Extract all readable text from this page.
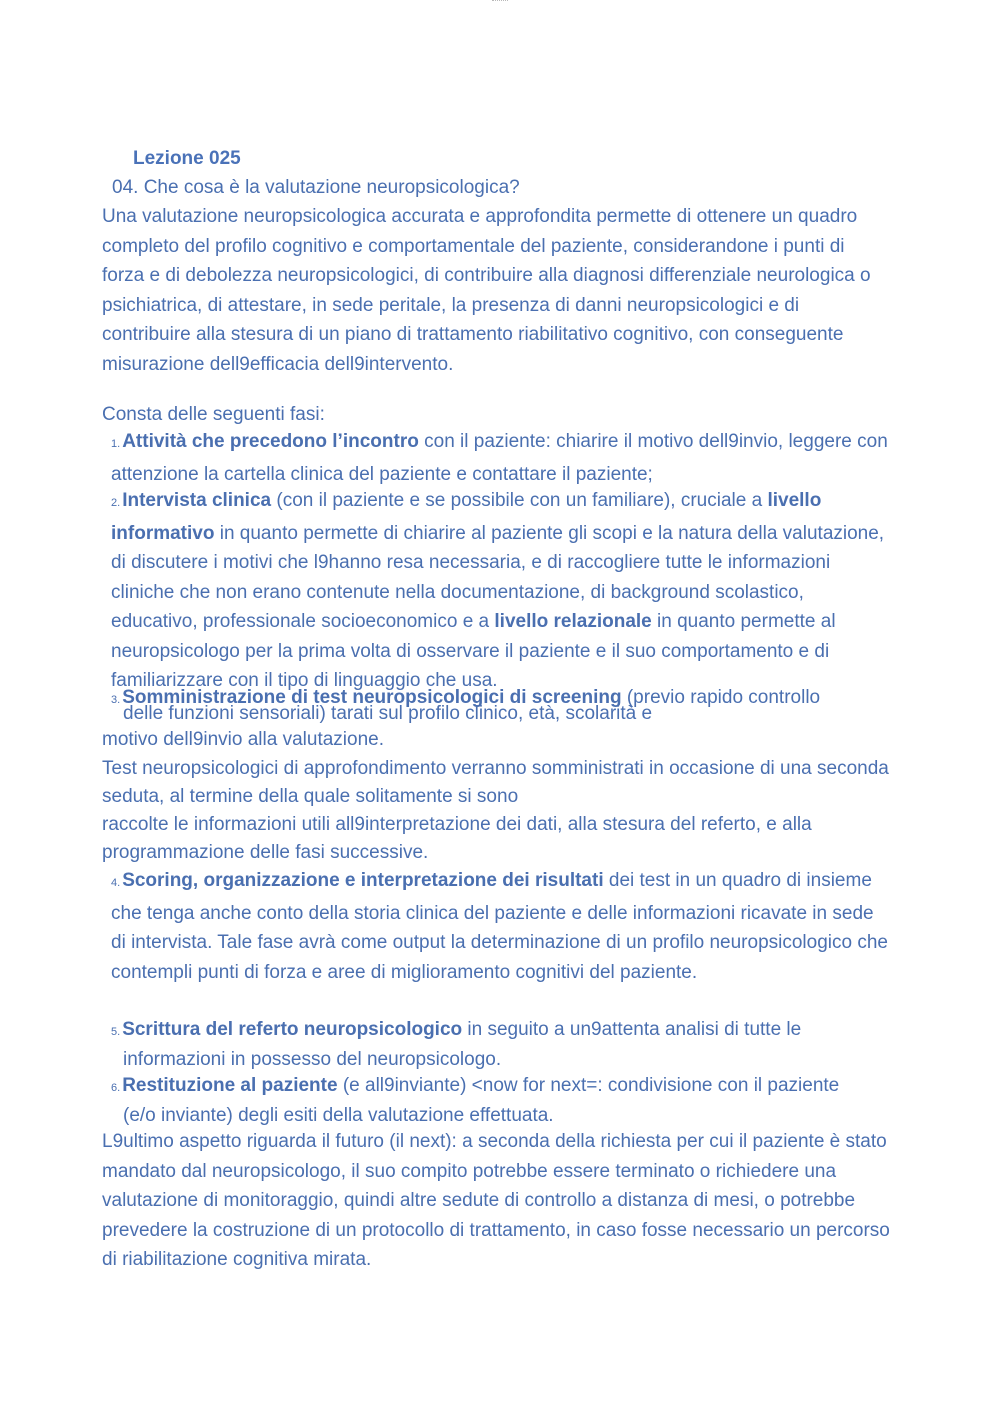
Lezione 025
04. Che cosa è la valutazione neuropsicologica?
Una valutazione neuropsicologica accurata e approfondita permette di ottenere un quadro completo del profilo cognitivo e comportamentale del paziente, considerandone i punti di forza e di debolezza neuropsicologici, di contribuire alla diagnosi differenziale neurologica o psichiatrica, di attestare, in sede peritale, la presenza di danni neuropsicologici e di contribuire alla stesura di un piano di trattamento riabilitativo cognitivo, con conseguente misurazione dell9efficacia dell9intervento.
Consta delle seguenti fasi:
1. Attività che precedono l’incontro con il paziente: chiarire il motivo dell9invio, leggere con attenzione la cartella clinica del paziente e contattare il paziente;
2. Intervista clinica (con il paziente e se possibile con un familiare), cruciale a livello informativo in quanto permette di chiarire al paziente gli scopi e la natura della valutazione, di discutere i motivi che l9hanno resa necessaria, e di raccogliere tutte le informazioni cliniche che non erano contenute nella documentazione, di background scolastico, educativo, professionale socioeconomico e a livello relazionale in quanto permette al neuropsicologo per la prima volta di osservare il paziente e il suo comportamento e di familiarizzare con il tipo di linguaggio che usa.
3. Somministrazione di test neuropsicologici di screening (previo rapido controllo
delle funzioni sensoriali) tarati sul profilo clinico, età, scolarità e
motivo dell9invio alla valutazione.
Test neuropsicologici di approfondimento verranno somministrati in occasione di una seconda seduta, al termine della quale solitamente si sono
raccolte le informazioni utili all9interpretazione dei dati, alla stesura del referto, e alla programmazione delle fasi successive.
4. Scoring, organizzazione e interpretazione dei risultati dei test in un quadro di insieme che tenga anche conto della storia clinica del paziente e delle informazioni ricavate in sede di intervista. Tale fase avrà come output la determinazione di un profilo neuropsicologico che contempli punti di forza e aree di miglioramento cognitivi del paziente.
5. Scrittura del referto neuropsicologico in seguito a un9attenta analisi di tutte le
informazioni in possesso del neuropsicologo.
6. Restituzione al paziente (e all9inviante) <now for next=: condivisione con il paziente
(e/o inviante) degli esiti della valutazione effettuata.
L9ultimo aspetto riguarda il futuro (il next): a seconda della richiesta per cui il paziente è stato mandato dal neuropsicologo, il suo compito potrebbe essere terminato o richiedere una valutazione di monitoraggio, quindi altre sedute di controllo a distanza di mesi, o potrebbe prevedere la costruzione di un protocollo di trattamento, in caso fosse necessario un percorso di riabilitazione cognitiva mirata.
